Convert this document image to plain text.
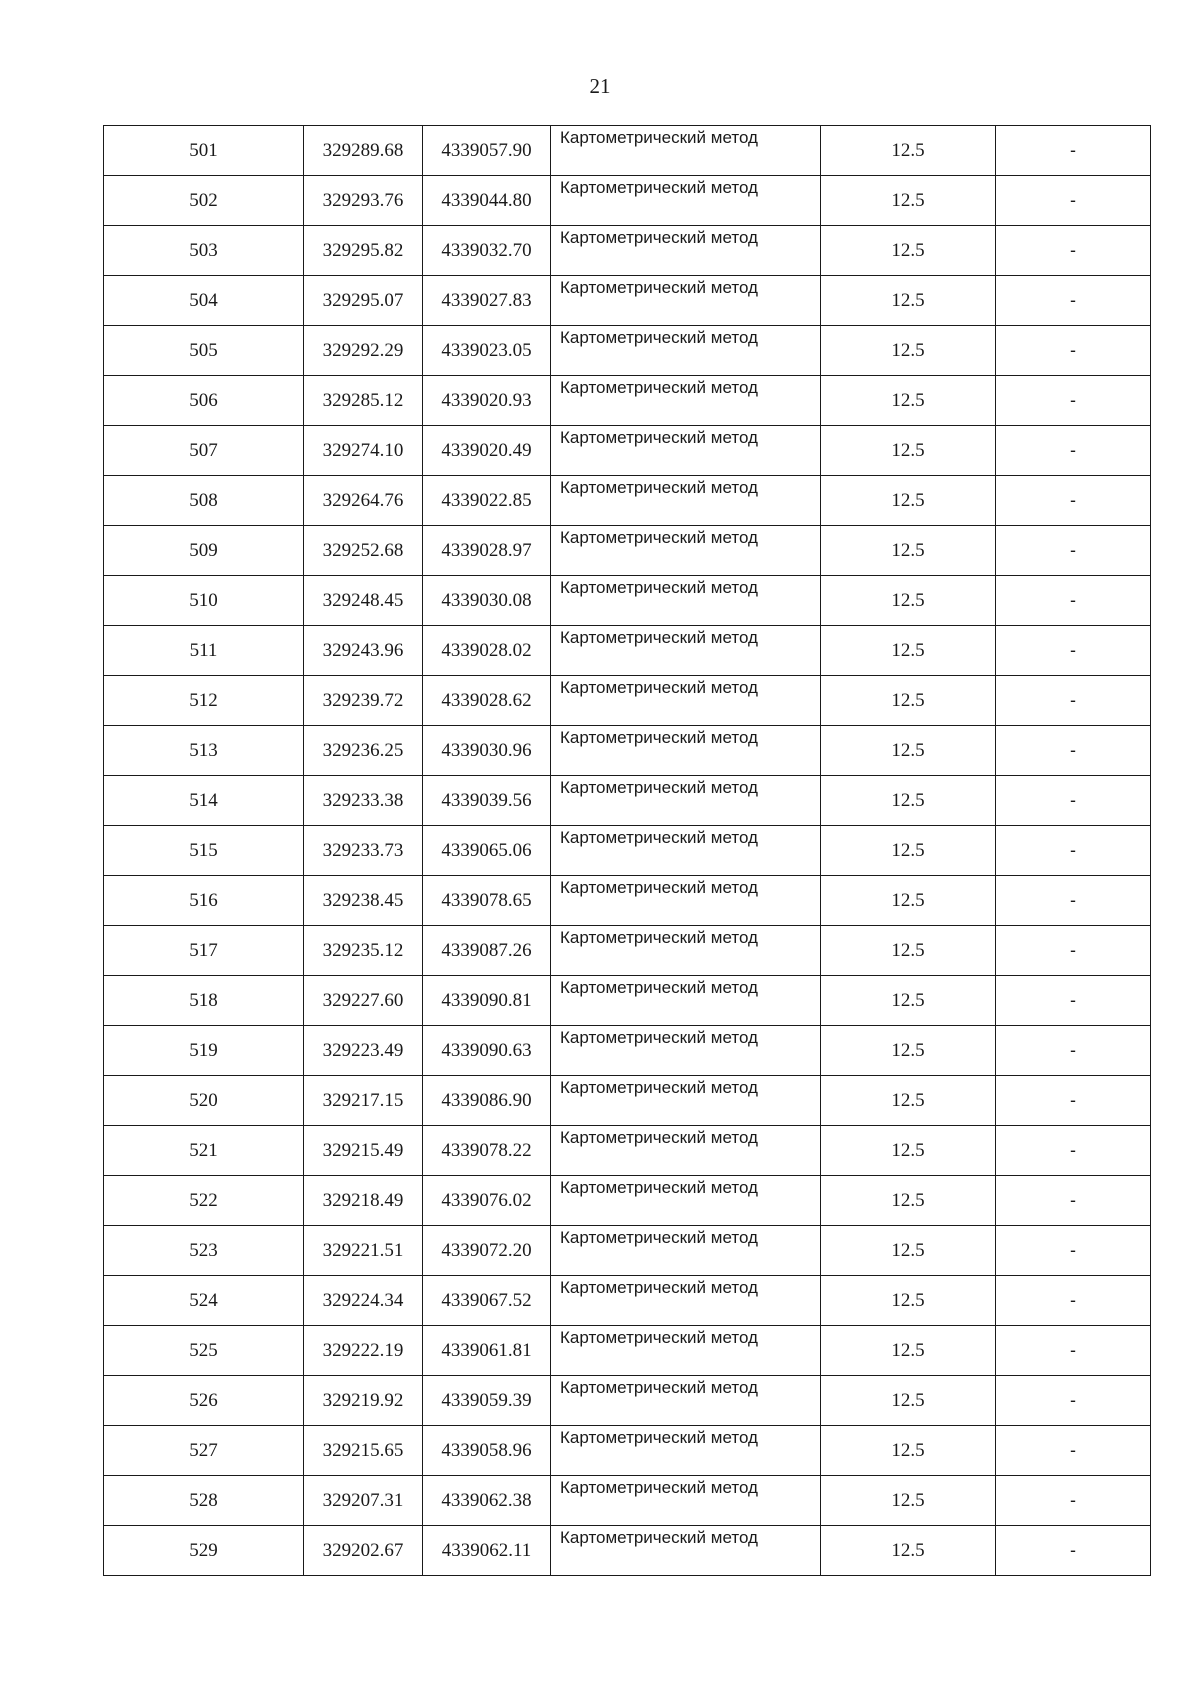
21
501	329289.68	4339057.90	Картометрический метод	12.5	-
502	329293.76	4339044.80	Картометрический метод	12.5	-
503	329295.82	4339032.70	Картометрический метод	12.5	-
504	329295.07	4339027.83	Картометрический метод	12.5	-
505	329292.29	4339023.05	Картометрический метод	12.5	-
506	329285.12	4339020.93	Картометрический метод	12.5	-
507	329274.10	4339020.49	Картометрический метод	12.5	-
508	329264.76	4339022.85	Картометрический метод	12.5	-
509	329252.68	4339028.97	Картометрический метод	12.5	-
510	329248.45	4339030.08	Картометрический метод	12.5	-
511	329243.96	4339028.02	Картометрический метод	12.5	-
512	329239.72	4339028.62	Картометрический метод	12.5	-
513	329236.25	4339030.96	Картометрический метод	12.5	-
514	329233.38	4339039.56	Картометрический метод	12.5	-
515	329233.73	4339065.06	Картометрический метод	12.5	-
516	329238.45	4339078.65	Картометрический метод	12.5	-
517	329235.12	4339087.26	Картометрический метод	12.5	-
518	329227.60	4339090.81	Картометрический метод	12.5	-
519	329223.49	4339090.63	Картометрический метод	12.5	-
520	329217.15	4339086.90	Картометрический метод	12.5	-
521	329215.49	4339078.22	Картометрический метод	12.5	-
522	329218.49	4339076.02	Картометрический метод	12.5	-
523	329221.51	4339072.20	Картометрический метод	12.5	-
524	329224.34	4339067.52	Картометрический метод	12.5	-
525	329222.19	4339061.81	Картометрический метод	12.5	-
526	329219.92	4339059.39	Картометрический метод	12.5	-
527	329215.65	4339058.96	Картометрический метод	12.5	-
528	329207.31	4339062.38	Картометрический метод	12.5	-
529	329202.67	4339062.11	Картометрический метод	12.5	-
